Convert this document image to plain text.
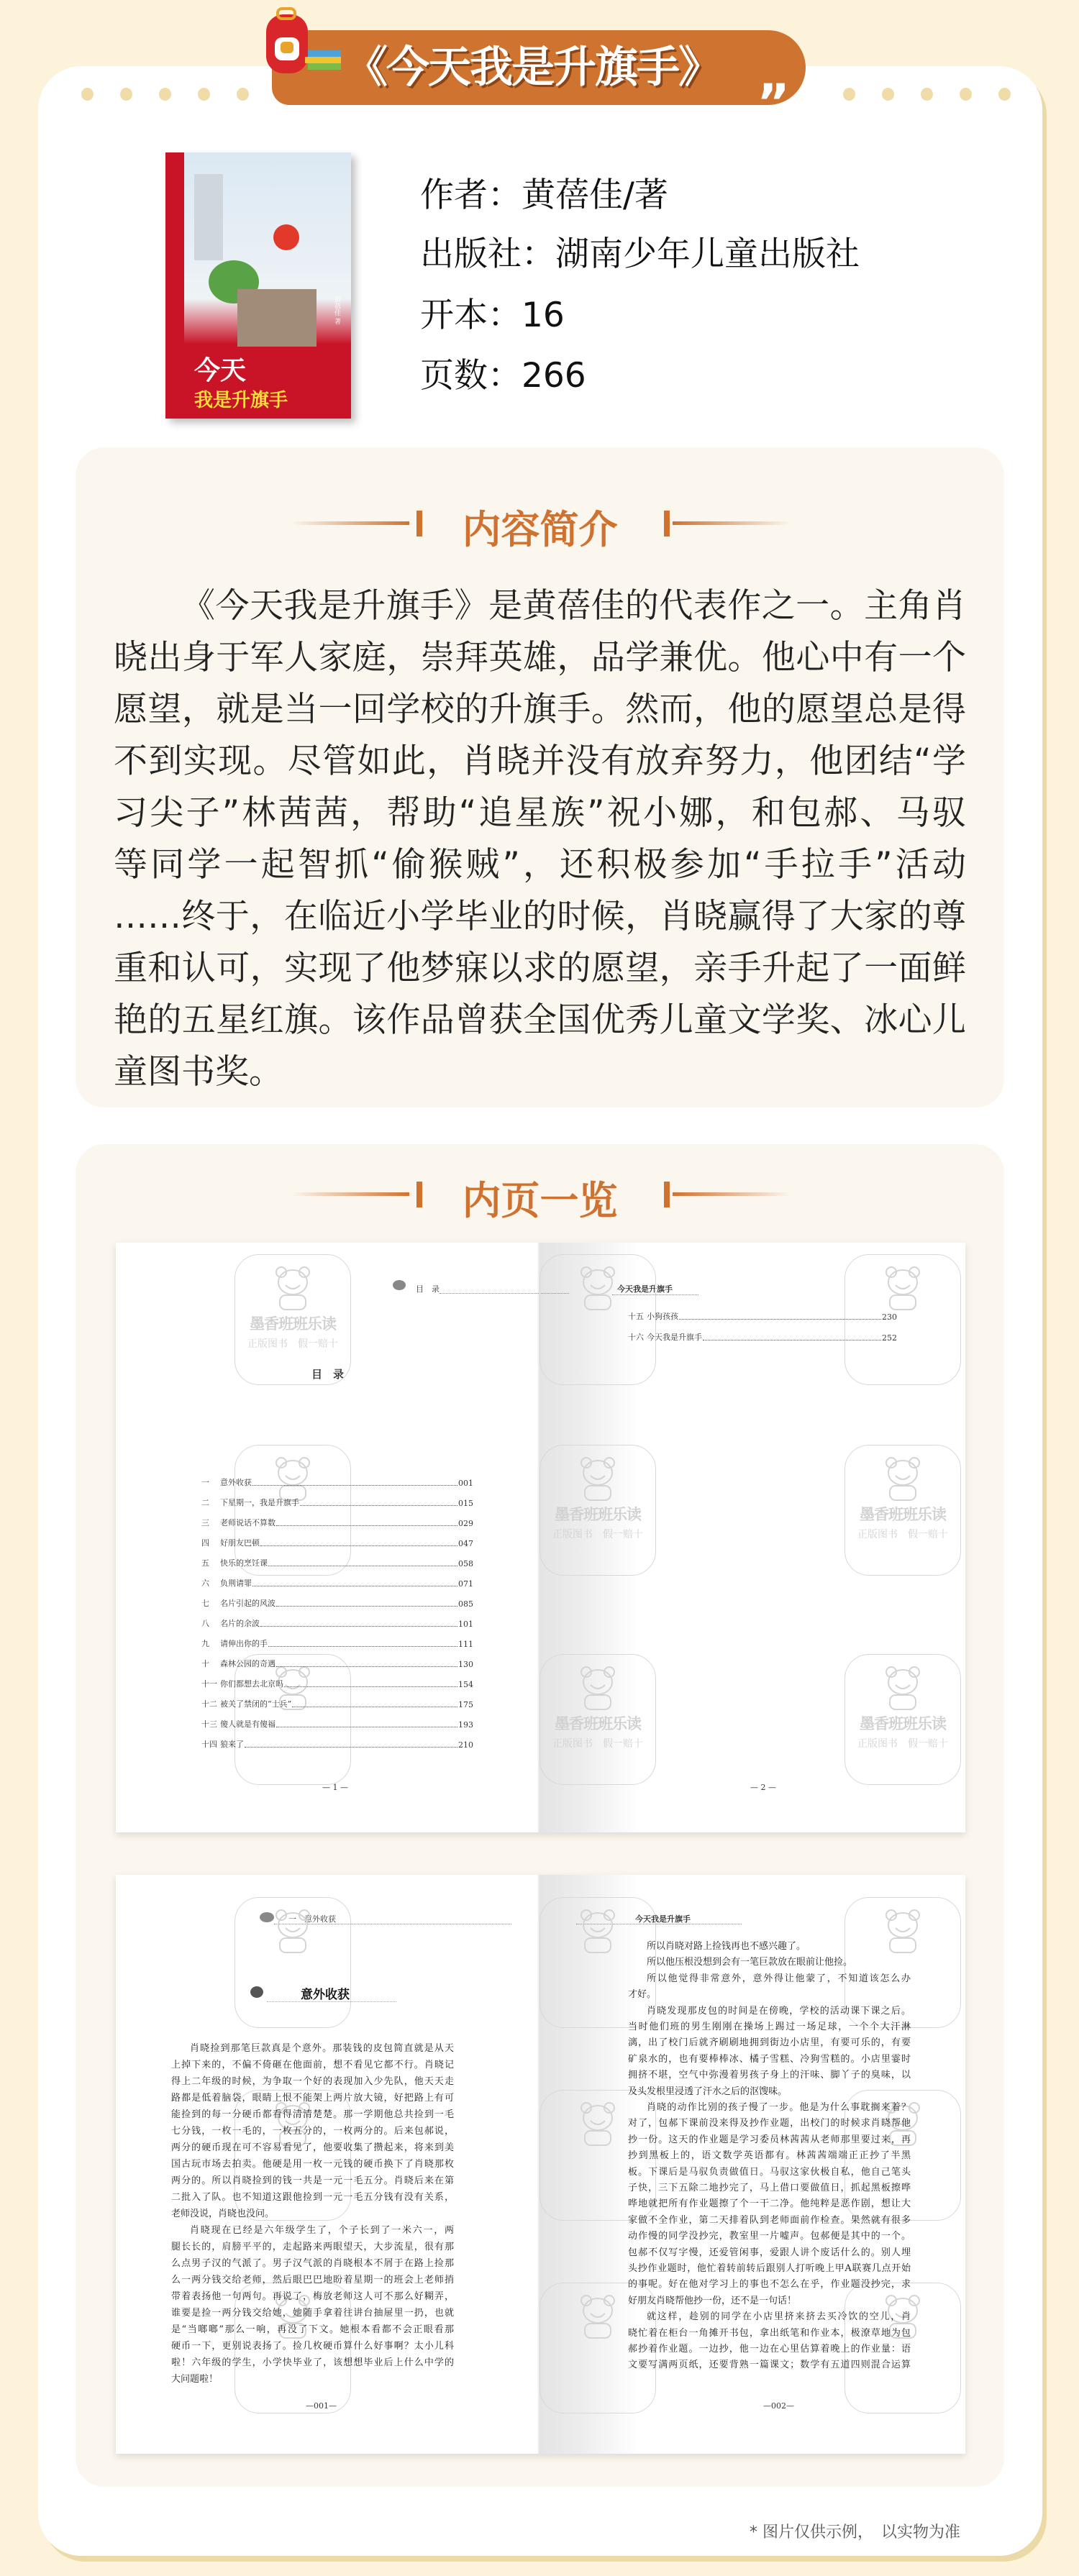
《今天我是升旗手》
”
今天
我是升旗手
黄蓓佳 著
作者：黄蓓佳/著
出版社：湖南少年儿童出版社
开本：16
页数：266
内容简介
《今天我是升旗手》是黄蓓佳的代表作之一。主角肖
晓出身于军人家庭，崇拜英雄，品学兼优。他心中有一个
愿望，就是当一回学校的升旗手。然而，他的愿望总是得
不到实现。尽管如此，肖晓并没有放弃努力，他团结“学
习尖子”林茜茜，帮助“追星族”祝小娜，和包郝、马驭
等同学一起智抓“偷猴贼”，还积极参加“手拉手”活动
……终于，在临近小学毕业的时候，肖晓赢得了大家的尊
重和认可，实现了他梦寐以求的愿望，亲手升起了一面鲜
艳的五星红旗。该作品曾获全国优秀儿童文学奖、冰心儿
童图书奖。
内页一览
目　录	今天我是升旗手
目　录
— 1 —	— 2 —
墨香班班乐读
正版图书　假一赔十
墨香班班乐读
正版图书　假一赔十
墨香班班乐读
正版图书　假一赔十
墨香班班乐读
正版图书　假一赔十
墨香班班乐读
正版图书　假一赔十
一	意外收获	001
二	下星期一，我是升旗手	015
三	老师说话不算数	029
四	好朋友巴顿	047
五	快乐的烹饪课	058
六	负荆请罪	071
七	名片引起的风波	085
八	名片的余波	101
九	请伸出你的手	111
十	森林公园的奇遇	130
十一 你们都想去北京吗	154
十二 被关了禁闭的“士兵”	175
十三 傻人就是有傻福	193
十四 狼来了	210
十五 小狗孩孩	230
十六 今天我是升旗手	252
一　意外收获	今天我是升旗手
意外收获
—001—	—002—
肖晓捡到那笔巨款真是个意外。那装钱的皮包简直就是从天
上掉下来的，不偏不倚砸在他面前，想不看见它都不行。肖晓记
得上二年级的时候，为争取一个好的表现加入少先队，他天天走
路都是低着脑袋，眼睛上恨不能架上两片放大镜，好把路上有可
能捡到的每一分硬币都看得清清楚楚。那一学期他总共捡到一毛
七分钱，一枚一毛的，一枚五分的，一枚两分的。后来包郝说，
两分的硬币现在可不容易看见了，他要收集了攒起来，将来到美
国古玩市场去拍卖。他硬是用一枚一元钱的硬币换下了肖晓那枚
两分的。所以肖晓捡到的钱一共是一元一毛五分。肖晓后来在第
二批入了队。也不知道这跟他捡到一元一毛五分钱有没有关系，
老师没说，肖晓也没问。
肖晓现在已经是六年级学生了，个子长到了一米六一，两
腿长长的，肩膀平平的，走起路来两眼望天，大步流星，很有那
么点男子汉的气派了。男子汉气派的肖晓根本不屑于在路上捡那
么一两分钱交给老师，然后眼巴巴地盼着星期一的班会上老师捎
带着表扬他一句两句。再说了，梅放老师这人可不那么好糊弄，
谁要是捡一两分钱交给她，她随手拿着往讲台抽屉里一扔，也就
是“当啷啷”那么一响，再没了下文。她根本看都不会正眼看那
硬币一下，更别说表扬了。捡几枚硬币算什么好事啊？太小儿科
啦！六年级的学生，小学快毕业了，该想想毕业后上什么中学的
大问题啦！
所以肖晓对路上捡钱再也不感兴趣了。
所以他压根没想到会有一笔巨款放在眼前让他捡。
所以他觉得非常意外，意外得让他蒙了，不知道该怎么办
才好。
肖晓发现那皮包的时间是在傍晚，学校的活动课下课之后。
当时他们班的男生刚刚在操场上踢过一场足球，一个个大汗淋
漓，出了校门后就齐刷刷地拥到街边小店里，有要可乐的，有要
矿泉水的，也有要棒棒冰、橘子雪糕、冷狗雪糕的。小店里霎时
拥挤不堪，空气中弥漫着男孩子身上的汗味、脚丫子的臭味，以
及头发根里浸透了汗水之后的沤馊味。
肖晓的动作比别的孩子慢了一步。他是为什么事耽搁来着？
对了，包郝下课前没来得及抄作业题，出校门的时候求肖晓帮他
抄一份。这天的作业题是学习委员林茜茜从老师那里要过来，再
抄到黑板上的，语文数学英语都有。林茜茜端端正正抄了半黑
板。下课后是马驭负责做值日。马驭这家伙极自私，他自己笔头
子快，三下五除二地抄完了，马上借口要做值日，抓起黑板擦哗
哗地就把所有作业题擦了个一干二净。他纯粹是恶作剧，想让大
家做不全作业，第二天排着队到老师面前作检查。果然就有很多
动作慢的同学没抄完，教室里一片嘘声。包郝便是其中的一个。
包郝不仅写字慢，还爱管闲事，爱跟人讲个废话什么的。别人埋
头抄作业题时，他忙着转前转后跟别人打听晚上甲A联赛几点开始
的事呢。好在他对学习上的事也不怎么在乎，作业题没抄完，求
好朋友肖晓帮他抄一份，还不是一句话！
就这样，趁别的同学在小店里挤来挤去买冷饮的空儿，肖
晓忙着在柜台一角摊开书包，拿出纸笔和作业本，极潦草地为包
郝抄着作业题。一边抄，他一边在心里估算着晚上的作业量：语
文要写满两页纸，还要背熟一篇课文；数学有五道四则混合运算
* 图片仅供示例，　以实物为准
